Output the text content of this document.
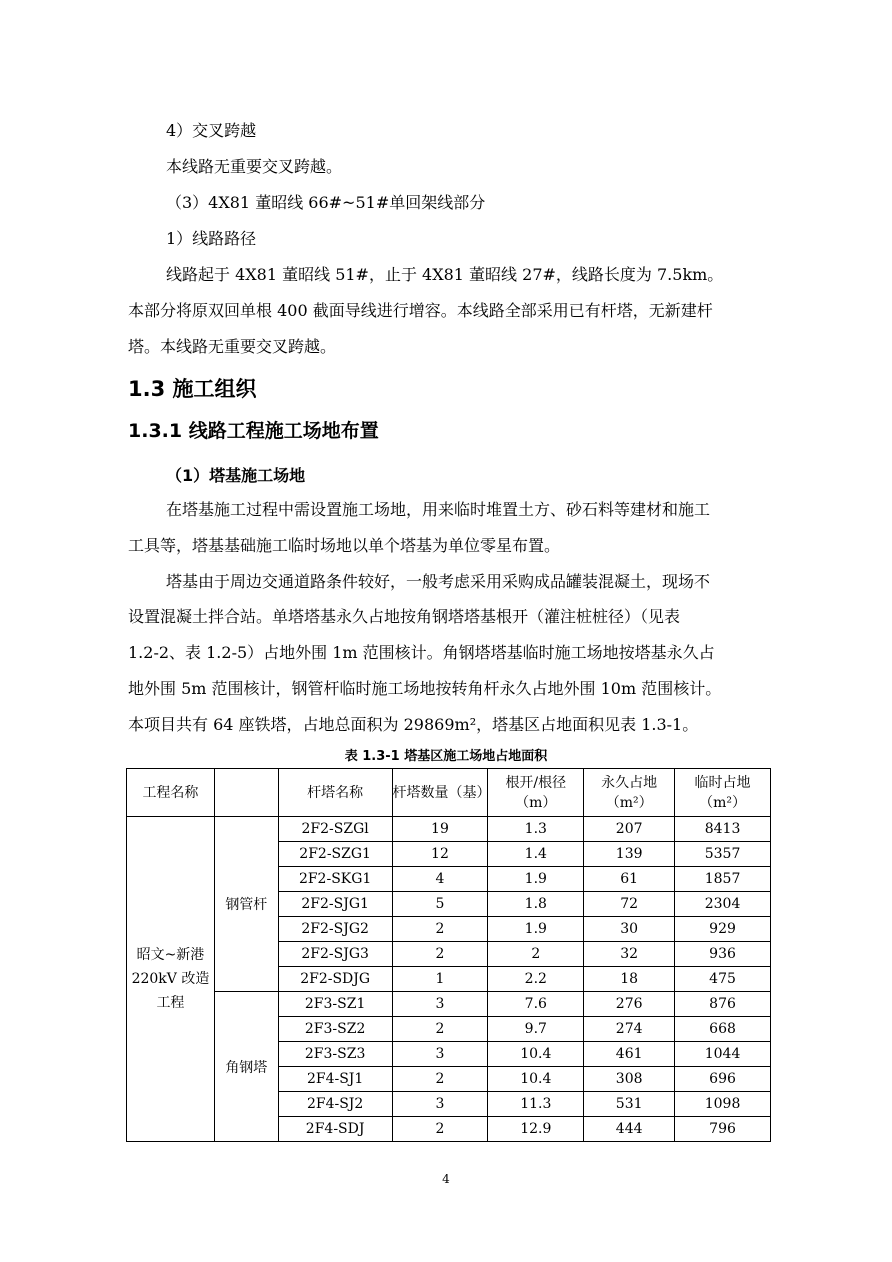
4）交叉跨越
本线路无重要交叉跨越。
（3）4X81 董昭线 66#~51#单回架线部分
1）线路路径
线路起于 4X81 董昭线 51#，止于 4X81 董昭线 27#，线路长度为 7.5km。
本部分将原双回单根 400 截面导线进行增容。本线路全部采用已有杆塔，无新建杆
塔。本线路无重要交叉跨越。
1.3 施工组织
1.3.1 线路工程施工场地布置
（1）塔基施工场地
在塔基施工过程中需设置施工场地，用来临时堆置土方、砂石料等建材和施工
工具等，塔基基础施工临时场地以单个塔基为单位零星布置。
塔基由于周边交通道路条件较好，一般考虑采用采购成品罐装混凝土，现场不
设置混凝土拌合站。单塔塔基永久占地按角钢塔塔基根开（灌注桩桩径）（见表
1.2-2、表 1.2-5）占地外围 1m 范围核计。角钢塔塔基临时施工场地按塔基永久占
地外围 5m 范围核计，钢管杆临时施工场地按转角杆永久占地外围 10m 范围核计。
本项目共有 64 座铁塔，占地总面积为 29869m²，塔基区占地面积见表 1.3-1。
表 1.3-1 塔基区施工场地占地面积
工程名称		杆塔名称	杆塔数量（基）	根开/根径（m）	永久占地（m²）	临时占地（m²）
昭文~新港220kV 改造工程	钢管杆	2F2-SZGl	19	1.3	207	8413
		2F2-SZG1	12	1.4	139	5357
		2F2-SKG1	4	1.9	61	1857
		2F2-SJG1	5	1.8	72	2304
		2F2-SJG2	2	1.9	30	929
		2F2-SJG3	2	2	32	936
		2F2-SDJG	1	2.2	18	475
	角钢塔	2F3-SZ1	3	7.6	276	876
		2F3-SZ2	2	9.7	274	668
		2F3-SZ3	3	10.4	461	1044
		2F4-SJ1	2	10.4	308	696
		2F4-SJ2	3	11.3	531	1098
		2F4-SDJ	2	12.9	444	796
4
